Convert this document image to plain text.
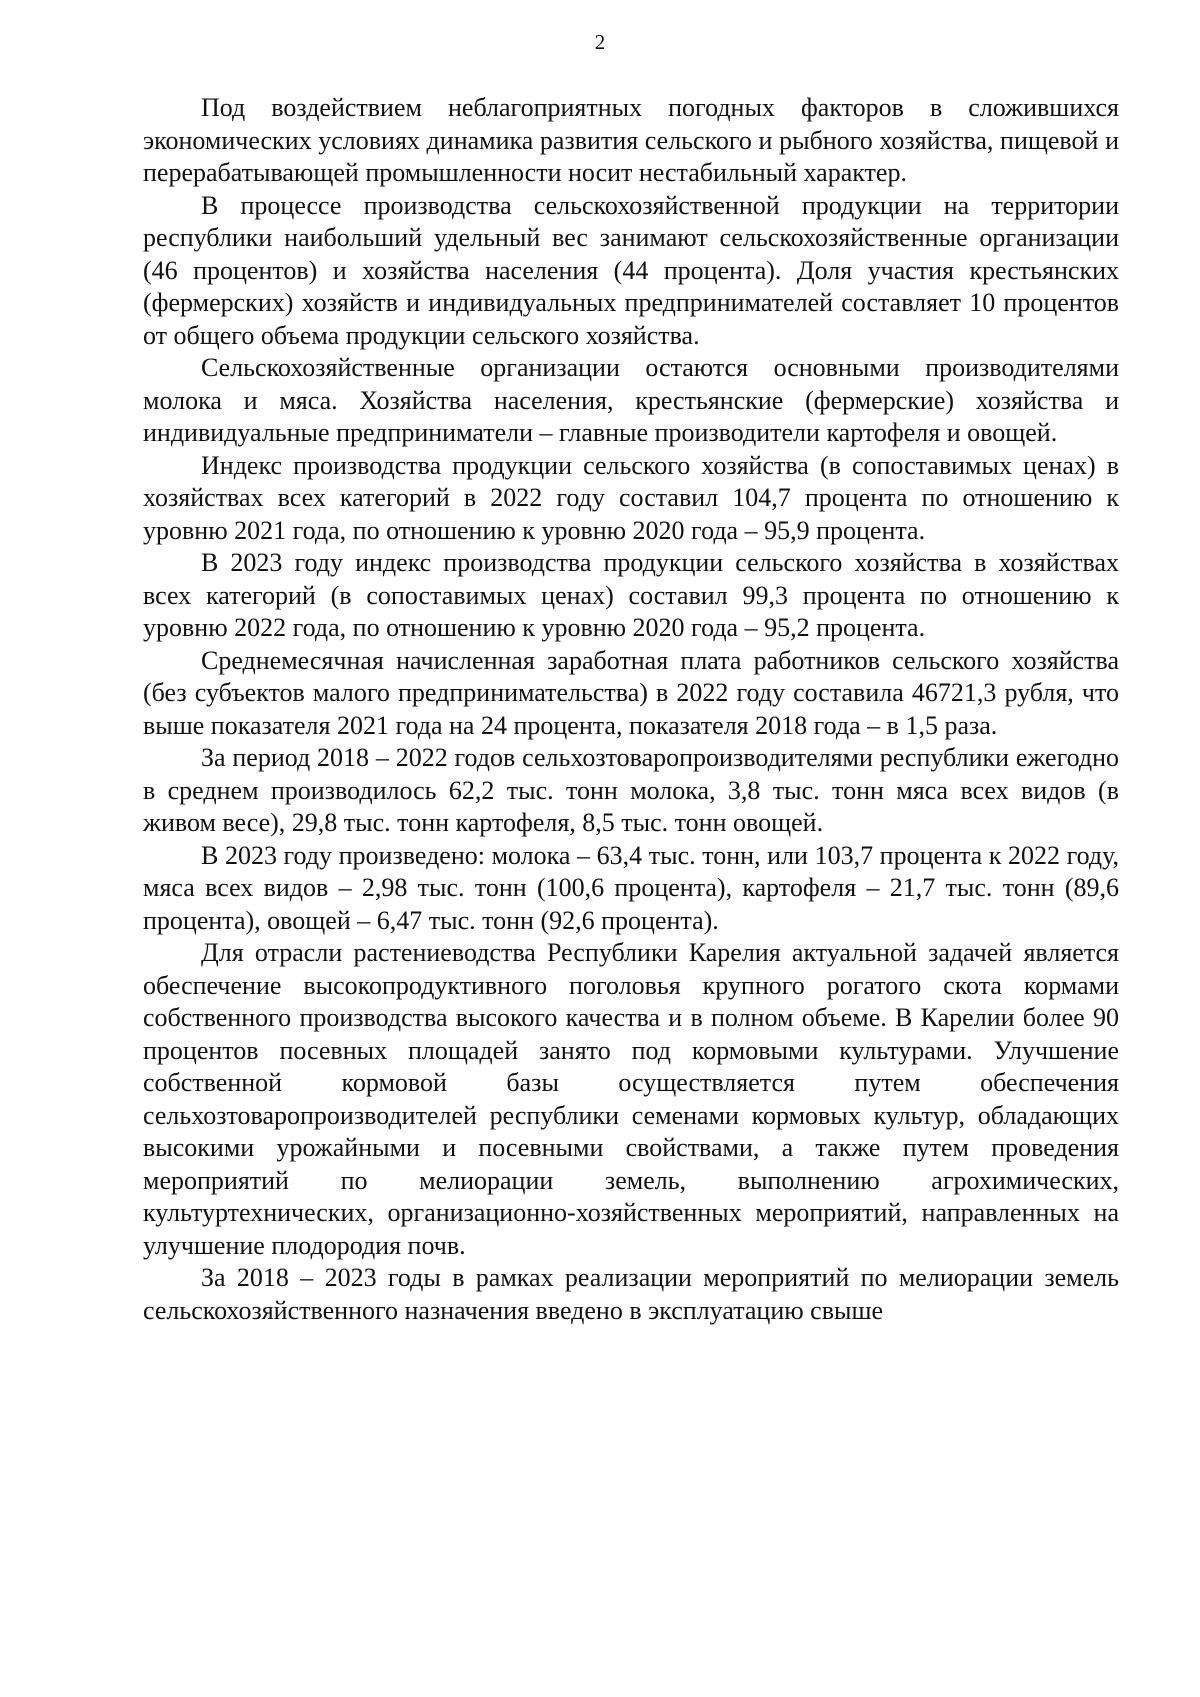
2

Под воздействием неблагоприятных погодных факторов в сложившихся экономических условиях динамика развития сельского и рыбного хозяйства, пищевой и перерабатывающей промышленности носит нестабильный характер.

В процессе производства сельскохозяйственной продукции на территории республики наибольший удельный вес занимают сельскохозяйственные организации (46 процентов) и хозяйства населения (44 процента). Доля участия крестьянских (фермерских) хозяйств и индивидуальных предпринимателей составляет 10 процентов от общего объема продукции сельского хозяйства.

Сельскохозяйственные организации остаются основными производителями молока и мяса. Хозяйства населения, крестьянские (фермерские) хозяйства и индивидуальные предприниматели – главные производители картофеля и овощей.

Индекс производства продукции сельского хозяйства (в сопоставимых ценах) в хозяйствах всех категорий в 2022 году составил 104,7 процента по отношению к уровню 2021 года, по отношению к уровню 2020 года – 95,9 процента.

В 2023 году индекс производства продукции сельского хозяйства в хозяйствах всех категорий (в сопоставимых ценах) составил 99,3 процента по отношению к уровню 2022 года, по отношению к уровню 2020 года – 95,2 процента.

Среднемесячная начисленная заработная плата работников сельского хозяйства (без субъектов малого предпринимательства) в 2022 году составила 46721,3 рубля, что выше показателя 2021 года на 24 процента, показателя 2018 года – в 1,5 раза.

За период 2018 – 2022 годов сельхозтоваропроизводителями республики ежегодно в среднем производилось 62,2 тыс. тонн молока, 3,8 тыс. тонн мяса всех видов (в живом весе), 29,8 тыс. тонн картофеля, 8,5 тыс. тонн овощей.

В 2023 году произведено: молока – 63,4 тыс. тонн, или 103,7 процента к 2022 году, мяса всех видов – 2,98 тыс. тонн (100,6 процента), картофеля – 21,7 тыс. тонн (89,6 процента), овощей – 6,47 тыс. тонн (92,6 процента).

Для отрасли растениеводства Республики Карелия актуальной задачей является обеспечение высокопродуктивного поголовья крупного рогатого скота кормами собственного производства высокого качества и в полном объеме. В Карелии более 90 процентов посевных площадей занято под кормовыми культурами. Улучшение собственной кормовой базы осуществляется путем обеспечения сельхозтоваропроизводителей республики семенами кормовых культур, обладающих высокими урожайными и посевными свойствами, а также путем проведения мероприятий по мелиорации земель, выполнению агрохимических, культуртехнических, организационно-хозяйственных мероприятий, направленных на улучшение плодородия почв.

За 2018 – 2023 годы в рамках реализации мероприятий по мелиорации земель сельскохозяйственного назначения введено в эксплуатацию свыше
